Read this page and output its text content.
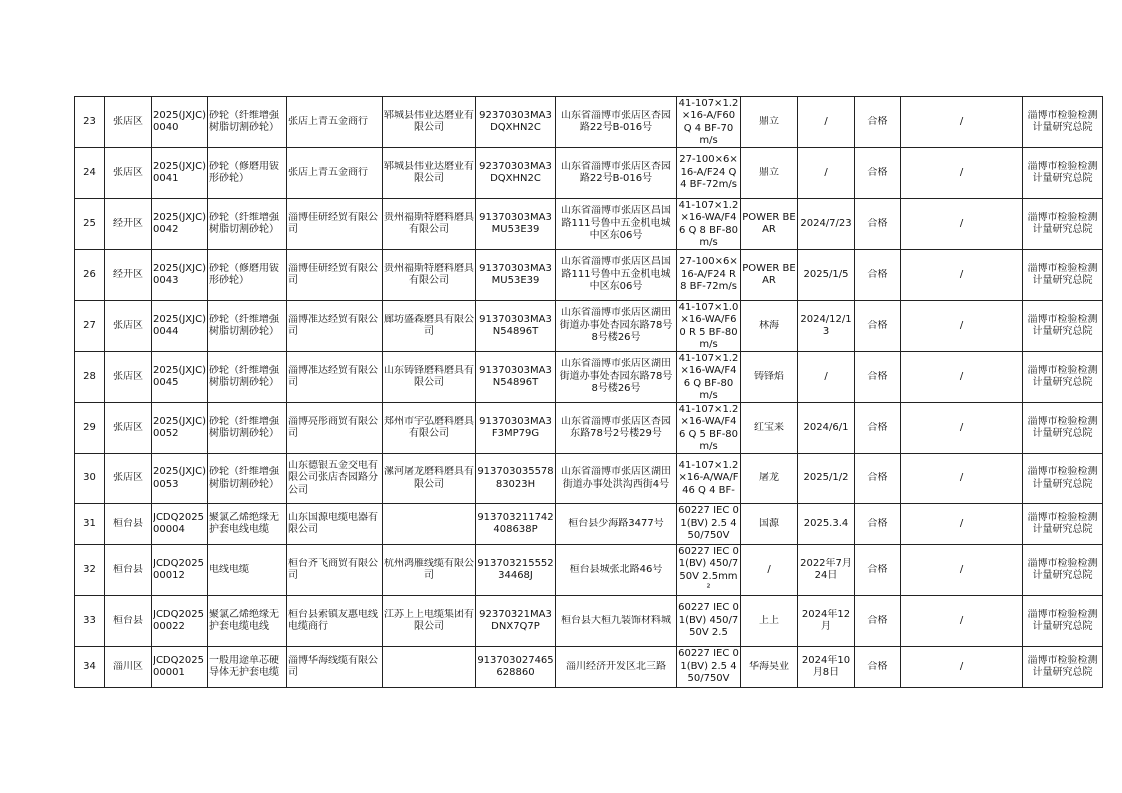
23	张店区	2025(JXJC)0040	砂轮（纤维增强树脂切割砂轮）	张店上青五金商行	郓城县伟业达磨业有限公司	92370303MA3DQXHN2C	山东省淄博市张店区杏园路22号B-016号	41-107×1.2×16-A/F60 Q 4 BF-70m/s	鼎立	/	合格	/	淄博市检验检测计量研究总院

24	张店区	2025(JXJC)0041	砂轮（修磨用钹形砂轮）	张店上青五金商行	郓城县伟业达磨业有限公司	92370303MA3DQXHN2C	山东省淄博市张店区杏园路22号B-016号	27-100×6×16-A/F24 Q 4 BF-72m/s	鼎立	/	合格	/	淄博市检验检测计量研究总院

25	经开区	2025(JXJC)0042	砂轮（纤维增强树脂切割砂轮）	淄博佳研经贸有限公司	贵州福斯特磨料磨具有限公司	91370303MA3MU53E39	山东省淄博市张店区昌国路111号鲁中五金机电城中区东06号	41-107×1.2×16-WA/F46 Q 8 BF-80m/s	POWER BEAR	2024/7/23	合格	/	淄博市检验检测计量研究总院

26	经开区	2025(JXJC)0043	砂轮（修磨用钹形砂轮）	淄博佳研经贸有限公司	贵州福斯特磨料磨具有限公司	91370303MA3MU53E39	山东省淄博市张店区昌国路111号鲁中五金机电城中区东06号	27-100×6×16-A/F24 R 8 BF-72m/s	POWER BEAR	2025/1/5	合格	/	淄博市检验检测计量研究总院

27	张店区	2025(JXJC)0044	砂轮（纤维增强树脂切割砂轮）	淄博准达经贸有限公司	廊坊盛森磨具有限公司	91370303MA3N54896T	山东省淄博市张店区湖田街道办事处杏园东路78号8号楼26号	41-107×1.0×16-WA/F60 R 5 BF-80m/s	林海	2024/12/13	合格	/	淄博市检验检测计量研究总院

28	张店区	2025(JXJC)0045	砂轮（纤维增强树脂切割砂轮）	淄博准达经贸有限公司	山东铸锋磨料磨具有限公司	91370303MA3N54896T	山东省淄博市张店区湖田街道办事处杏园东路78号8号楼26号	41-107×1.2×16-WA/F46 Q BF-80m/s	铸锋焰	/	合格	/	淄博市检验检测计量研究总院

29	张店区	2025(JXJC)0052	砂轮（纤维增强树脂切割砂轮）	淄博亮彤商贸有限公司	郑州市宇弘磨料磨具有限公司	91370303MA3F3MP79G	山东省淄博市张店区杏园东路78号2号楼29号	41-107×1.2×16-WA/F46 Q 5 BF-80m/s	红宝来	2024/6/1	合格	/	淄博市检验检测计量研究总院

30	张店区	2025(JXJC)0053	砂轮（纤维增强树脂切割砂轮）	山东德银五金交电有限公司张店杏园路分公司	漯河屠龙磨料磨具有限公司	91370303557883023H	山东省淄博市张店区湖田街道办事处洪沟西街4号	41-107×1.2×16-A/WA/F46 Q 4 BF-	屠龙	2025/1/2	合格	/	淄博市检验检测计量研究总院

31	桓台县	JCDQ202500004	聚氯乙烯绝缘无护套电线电缆	山东国源电缆电器有限公司		913703211742408638P	桓台县少海路3477号	60227 IEC 01(BV) 2.5 450/750V	国源	2025.3.4	合格	/	淄博市检验检测计量研究总院

32	桓台县	JCDQ202500012	电线电缆	桓台齐飞商贸有限公司	杭州鸿雁线缆有限公司	91370321555234468J	桓台县城张北路46号	60227 IEC 01(BV) 450/750V 2.5mm²	/	2022年7月24日	合格	/	淄博市检验检测计量研究总院

33	桓台县	JCDQ202500022	聚氯乙烯绝缘无护套电缆电线	桓台县索镇友惠电线电缆商行	江苏上上电缆集团有限公司	92370321MA3DNX7Q7P	桓台县大桓九装饰材料城	60227 IEC 01(BV) 450/750V 2.5	上上	2024年12月	合格	/	淄博市检验检测计量研究总院

34	淄川区	JCDQ202500001	一般用途单芯硬导体无护套电缆	淄博华海线缆有限公司		913703027465628860	淄川经济开发区北三路	60227 IEC 01(BV) 2.5 450/750V	华海昊业	2024年10月8日	合格	/	淄博市检验检测计量研究总院
